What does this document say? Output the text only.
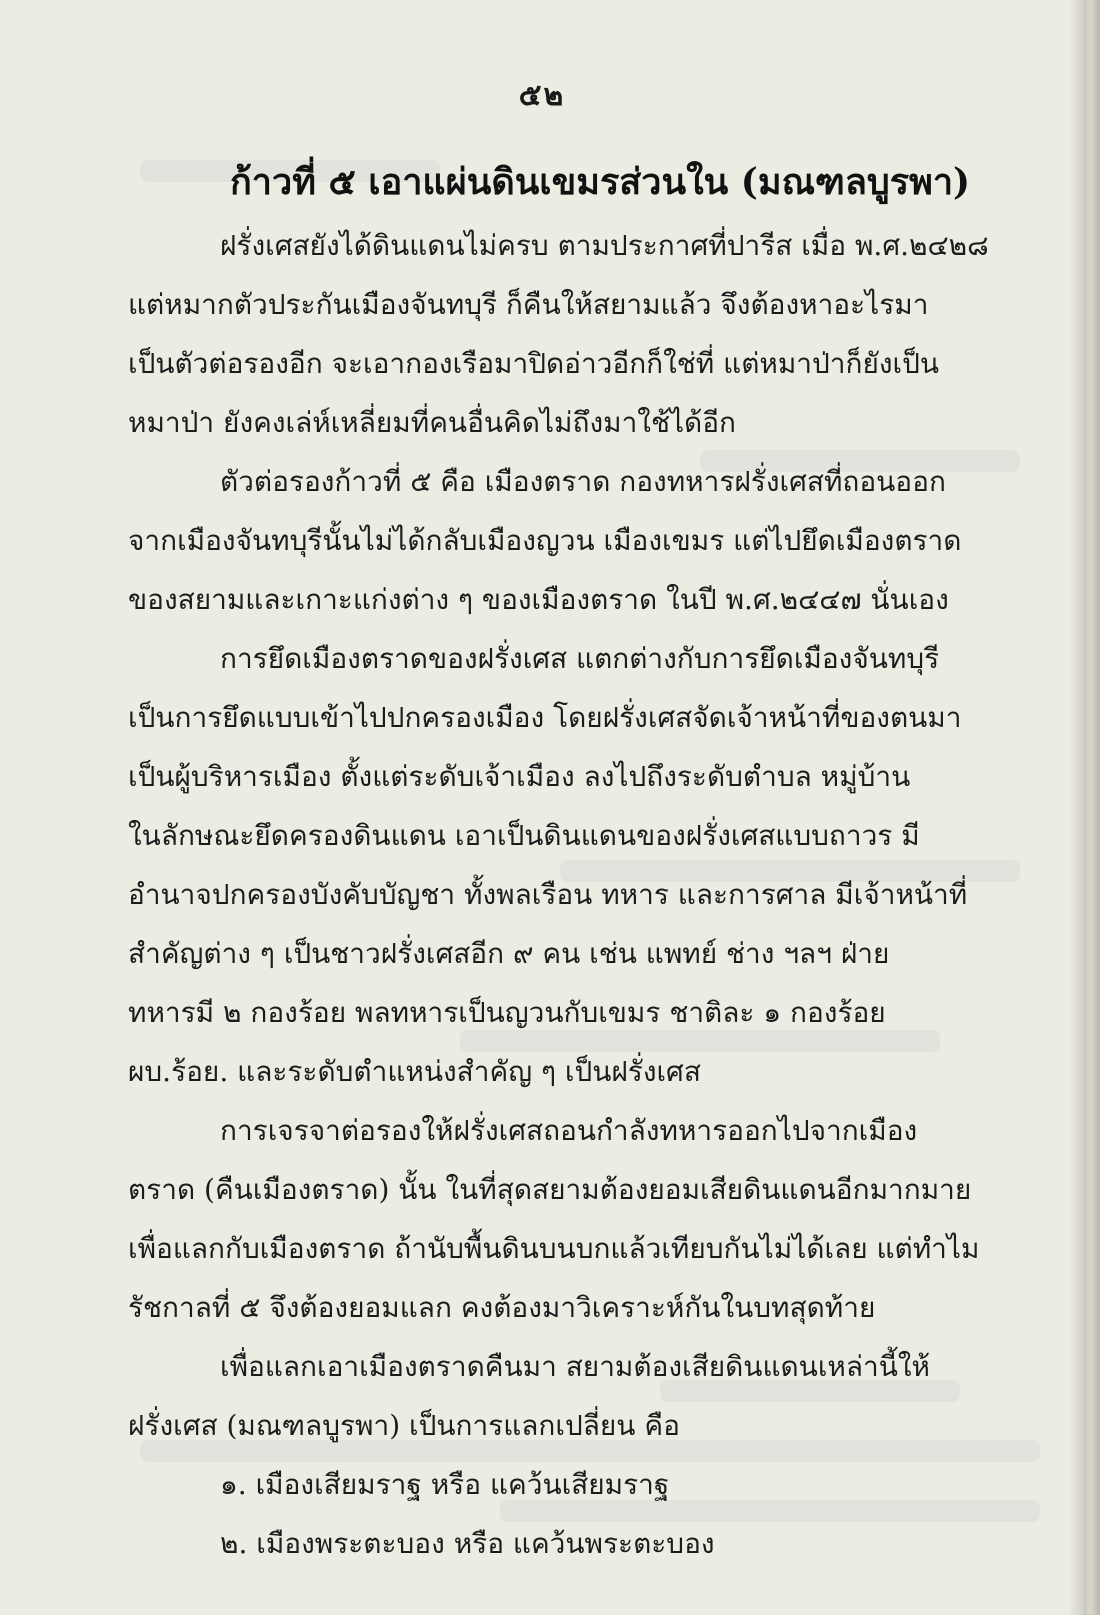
๕๒
ก้าวที่ ๕ เอาแผ่นดินเขมรส่วนใน (มณฑลบูรพา)
ฝรั่งเศสยังได้ดินแดนไม่ครบ ตามประกาศที่ปารีส เมื่อ พ.ศ.๒๔๒๘
แต่หมากตัวประกันเมืองจันทบุรี ก็คืนให้สยามแล้ว จึงต้องหาอะไรมา
เป็นตัวต่อรองอีก จะเอากองเรือมาปิดอ่าวอีกก็ใช่ที่ แต่หมาป่าก็ยังเป็น
หมาป่า ยังคงเล่ห์เหลี่ยมที่คนอื่นคิดไม่ถึงมาใช้ได้อีก
ตัวต่อรองก้าวที่ ๕ คือ เมืองตราด กองทหารฝรั่งเศสที่ถอนออก
จากเมืองจันทบุรีนั้นไม่ได้กลับเมืองญวน เมืองเขมร แต่ไปยึดเมืองตราด
ของสยามและเกาะแก่งต่าง ๆ ของเมืองตราด ในปี พ.ศ.๒๔๔๗ นั่นเอง
การยึดเมืองตราดของฝรั่งเศส แตกต่างกับการยึดเมืองจันทบุรี
เป็นการยึดแบบเข้าไปปกครองเมือง โดยฝรั่งเศสจัดเจ้าหน้าที่ของตนมา
เป็นผู้บริหารเมือง ตั้งแต่ระดับเจ้าเมือง ลงไปถึงระดับตำบล หมู่บ้าน
ในลักษณะยึดครองดินแดน เอาเป็นดินแดนของฝรั่งเศสแบบถาวร มี
อำนาจปกครองบังคับบัญชา ทั้งพลเรือน ทหาร และการศาล มีเจ้าหน้าที่
สำคัญต่าง ๆ เป็นชาวฝรั่งเศสอีก ๙ คน เช่น แพทย์ ช่าง ฯลฯ ฝ่าย
ทหารมี ๒ กองร้อย พลทหารเป็นญวนกับเขมร ชาติละ ๑ กองร้อย
ผบ.ร้อย. และระดับตำแหน่งสำคัญ ๆ เป็นฝรั่งเศส
การเจรจาต่อรองให้ฝรั่งเศสถอนกำลังทหารออกไปจากเมือง
ตราด (คืนเมืองตราด) นั้น ในที่สุดสยามต้องยอมเสียดินแดนอีกมากมาย
เพื่อแลกกับเมืองตราด ถ้านับพื้นดินบนบกแล้วเทียบกันไม่ได้เลย แต่ทำไม
รัชกาลที่ ๕ จึงต้องยอมแลก คงต้องมาวิเคราะห์กันในบทสุดท้าย
เพื่อแลกเอาเมืองตราดคืนมา สยามต้องเสียดินแดนเหล่านี้ให้
ฝรั่งเศส (มณฑลบูรพา) เป็นการแลกเปลี่ยน คือ
๑. เมืองเสียมราฐ หรือ แคว้นเสียมราฐ
๒. เมืองพระตะบอง หรือ แคว้นพระตะบอง
